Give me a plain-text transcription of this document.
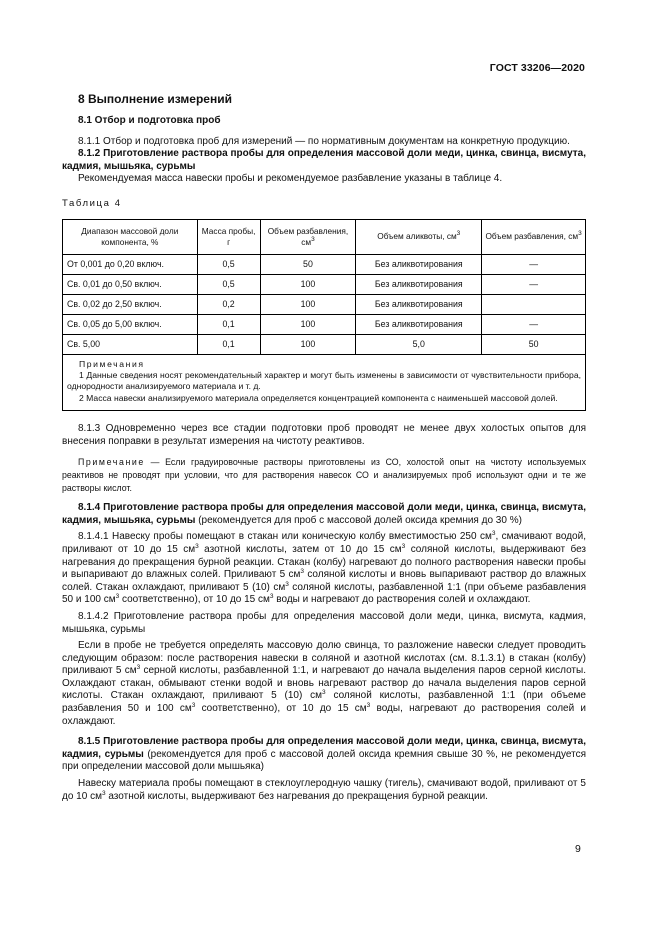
ГОСТ 33206—2020
8 Выполнение измерений
8.1 Отбор и подготовка проб

8.1.1 Отбор и подготовка проб для измерений — по нормативным документам на конкретную продукцию.

8.1.2 Приготовление раствора пробы для определения массовой доли меди, цинка, свинца, висмута, кадмия, мышьяка, сурьмы

Рекомендуемая масса навески пробы и рекомендуемое разбавление указаны в таблице 4.

Таблица 4
Диапазон массовой доли компонента, %	Масса пробы, г	Объем разбавления, $см^3$	Объем аликвоты, $см^3$	Объем разбавления, $см^3$
От 0,001 до 0,20 включ.	0,5	50	Без аликвотирования	—
Св. 0,01 до 0,50 включ.	0,5	100	Без аликвотирования	—
Св. 0,02 до 2,50 включ.	0,2	100	Без аликвотирования	
Св. 0,05 до 5,00 включ.	0,1	100	Без аликвотирования	—
Св. 5,00	0,1	100	5,0	50

Примечания
1 Данные сведения носят рекомендательный характер и могут быть изменены в зависимости от чувствительности прибора, однородности анализируемого материала и т. д.
2 Масса навески анализируемого материала определяется концентрацией компонента с наименьшей массовой долей.				

8.1.3 Одновременно через все стадии подготовки проб проводят не менее двух холостых опытов для внесения поправки в результат измерения на чистоту реактивов.

Примечание — Если градуировочные растворы приготовлены из СО, холостой опыт на чистоту используемых реактивов не проводят при условии, что для растворения навесок СО и анализируемых проб используют одни и те же растворы кислот.

8.1.4 Приготовление раствора пробы для определения массовой доли меди, цинка, свинца, висмута, кадмия, мышьяка, сурьмы (рекомендуется для проб с массовой долей оксида кремния до 30 %)

8.1.4.1 Навеску пробы помещают в стакан или коническую колбу вместимостью 250 $см^3$, смачивают водой, приливают от 10 до 15 $см^3$ азотной кислоты, затем от 10 до 15 $см^3$ соляной кислоты, выдерживают без нагревания до прекращения бурной реакции. Стакан (колбу) нагревают до полного растворения навески пробы и выпаривают до влажных солей. Приливают 5 $см^3$ соляной кислоты и вновь выпаривают раствор до влажных солей. Стакан охлаждают, приливают 5 (10) $см^3$ соляной кислоты, разбавленной 1:1 (при объеме разбавления 50 и 100 $см^3$ соответственно), от 10 до 15 $см^3$ воды и нагревают до растворения солей и охлаждают.

8.1.4.2 Приготовление раствора пробы для определения массовой доли меди, цинка, висмута, кадмия, мышьяка, сурьмы

Если в пробе не требуется определять массовую долю свинца, то разложение навески следует проводить следующим образом: после растворения навески в соляной и азотной кислотах (см. 8.1.3.1) в стакан (колбу) приливают 5 $см^3$ серной кислоты, разбавленной 1:1, и нагревают до начала выделения паров серной кислоты. Охлаждают стакан, обмывают стенки водой и вновь нагревают раствор до начала выделения паров серной кислоты. Стакан охлаждают, приливают 5 (10) $см^3$ соляной кислоты, разбавленной 1:1 (при объеме разбавления 50 и 100 $см^3$ соответственно), от 10 до 15 $см^3$ воды, нагревают до растворения солей и охлаждают.

8.1.5 Приготовление раствора пробы для определения массовой доли меди, цинка, свинца, висмута, кадмия, сурьмы (рекомендуется для проб с массовой долей оксида кремния свыше 30 %, не рекомендуется при определении массовой доли мышьяка)

Навеску материала пробы помещают в стеклоуглеродную чашку (тигель), смачивают водой, приливают от 5 до 10 $см^3$ азотной кислоты, выдерживают без нагревания до прекращения бурной реакции.

9
